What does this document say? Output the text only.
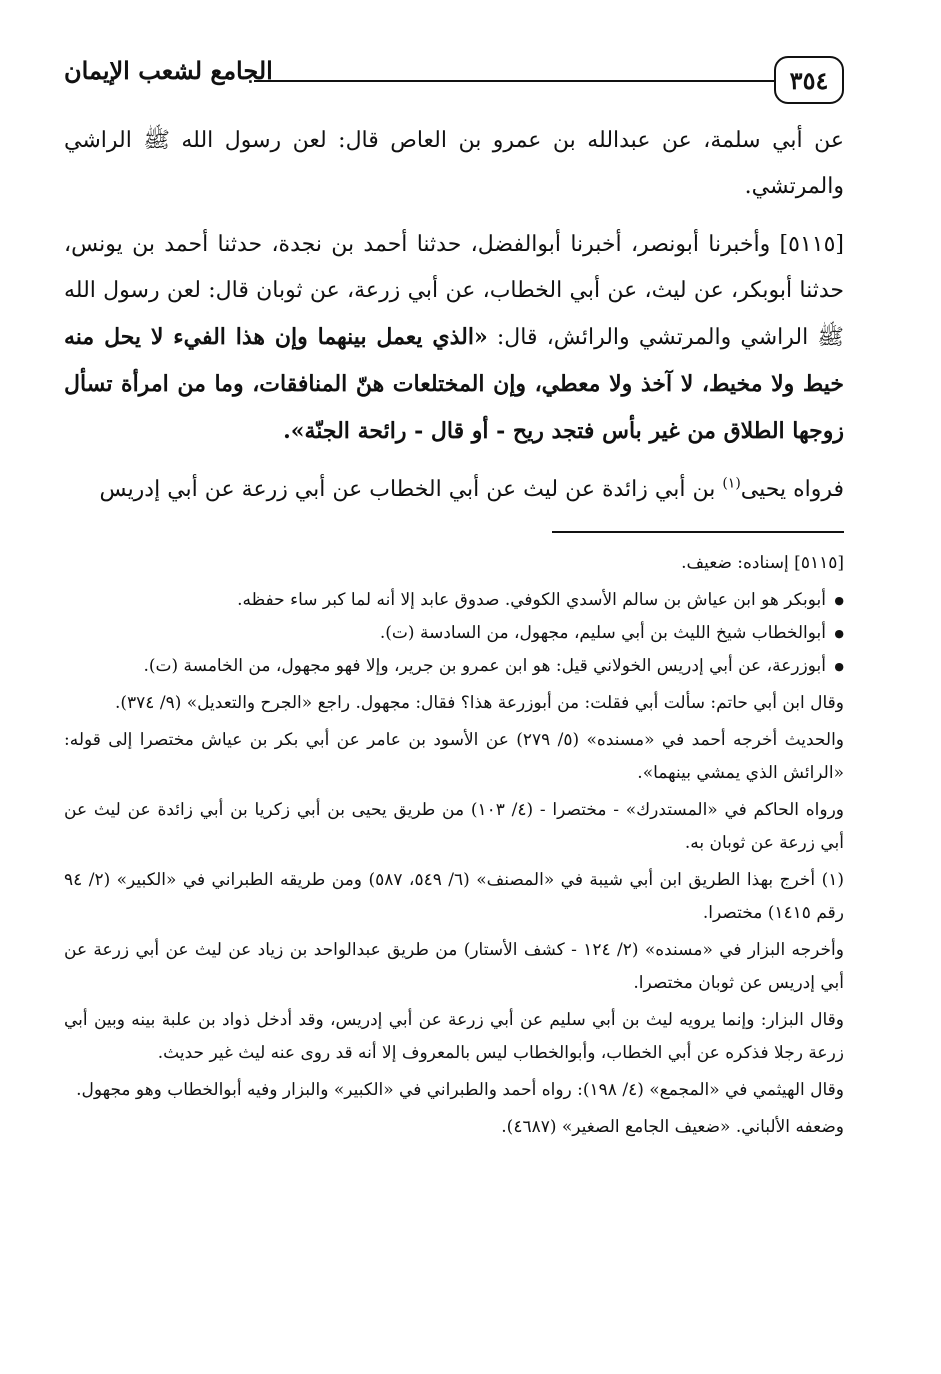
٣٥٤
الجامع لشعب الإيمان

عن أبي سلمة، عن عبدالله بن عمرو بن العاص قال: لعن رسول الله ﷺ الراشي والمرتشي.

[٥١١٥] وأخبرنا أبونصر، أخبرنا أبوالفضل، حدثنا أحمد بن نجدة، حدثنا أحمد بن يونس، حدثنا أبوبكر، عن ليث، عن أبي الخطاب، عن أبي زرعة، عن ثوبان قال: لعن رسول الله ﷺ الراشي والمرتشي والرائش، قال: «الذي يعمل بينهما وإن هذا الفيء لا يحل منه خيط ولا مخيط، لا آخذ ولا معطي، وإن المختلعات هنّ المنافقات، وما من امرأة تسأل زوجها الطلاق من غير بأس فتجد ريح - أو قال - رائحة الجنّة».

فرواه يحيى$^{(١)}$ بن أبي زائدة عن ليث عن أبي الخطاب عن أبي زرعة عن أبي إدريس

[٥١١٥] إسناده: ضعيف.

● أبوبكر هو ابن عياش بن سالم الأسدي الكوفي. صدوق عابد إلا أنه لما كبر ساء حفظه.
● أبوالخطاب شيخ الليث بن أبي سليم، مجهول، من السادسة (ت).
● أبوزرعة، عن أبي إدريس الخولاني قيل: هو ابن عمرو بن جرير، وإلا فهو مجهول، من الخامسة (ت).

وقال ابن أبي حاتم: سألت أبي فقلت: من أبوزرعة هذا؟ فقال: مجهول. راجع «الجرح والتعديل» (٩/ ٣٧٤).

والحديث أخرجه أحمد في «مسنده» (٥/ ٢٧٩) عن الأسود بن عامر عن أبي بكر بن عياش مختصرا إلى قوله: «الرائش الذي يمشي بينهما».

ورواه الحاكم في «المستدرك» - مختصرا - (٤/ ١٠٣) من طريق يحيى بن أبي زكريا بن أبي زائدة عن ليث عن أبي زرعة عن ثوبان به.

(١) أخرج بهذا الطريق ابن أبي شيبة في «المصنف» (٦/ ٥٤٩، ٥٨٧) ومن طريقه الطبراني في «الكبير» (٢/ ٩٤ رقم ١٤١٥) مختصرا.

وأخرجه البزار في «مسنده» (٢/ ١٢٤ - كشف الأستار) من طريق عبدالواحد بن زياد عن ليث عن أبي زرعة عن أبي إدريس عن ثوبان مختصرا.

وقال البزار: وإنما يرويه ليث بن أبي سليم عن أبي زرعة عن أبي إدريس، وقد أدخل ذواد بن علبة بينه وبين أبي زرعة رجلا فذكره عن أبي الخطاب، وأبوالخطاب ليس بالمعروف إلا أنه قد روى عنه ليث غير حديث.

وقال الهيثمي في «المجمع» (٤/ ١٩٨): رواه أحمد والطبراني في «الكبير» والبزار وفيه أبوالخطاب وهو مجهول.

وضعفه الألباني. «ضعيف الجامع الصغير» (٤٦٨٧).
